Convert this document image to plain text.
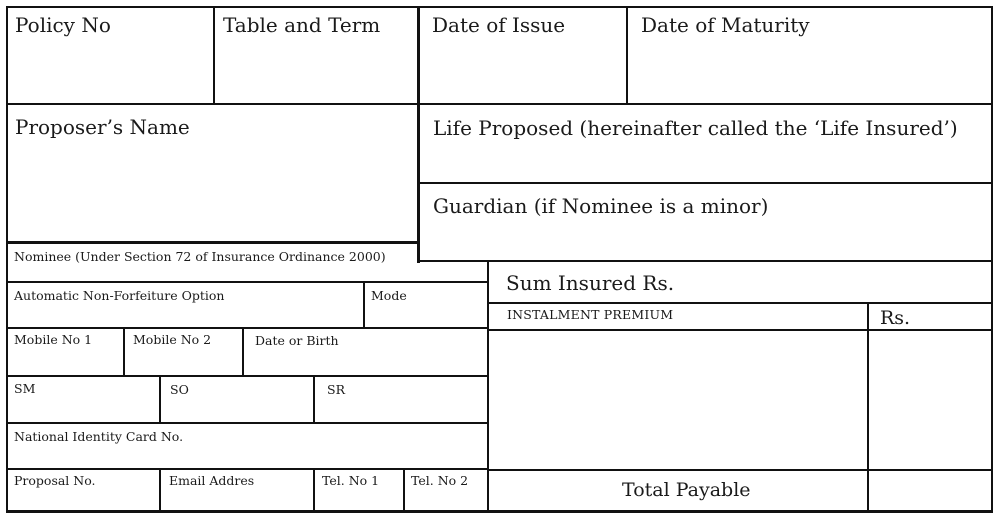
Policy No	Table and Term	Date of Issue	Date of Maturity
Proposer’s Name	Life Proposed (hereinafter called the ‘Life Insured’)
Guardian (if Nominee is a minor)
Nominee (Under Section 72 of Insurance Ordinance 2000)
Automatic Non-Forfeiture Option	Mode
Mobile No 1	Mobile No 2	Date or Birth
SM	SO	SR
National Identity Card No.
Proposal No.	Email Addres	Tel. No 1	Tel. No 2
Sum Insured Rs.
INSTALMENT PREMIUM	Rs.
Total Payable
